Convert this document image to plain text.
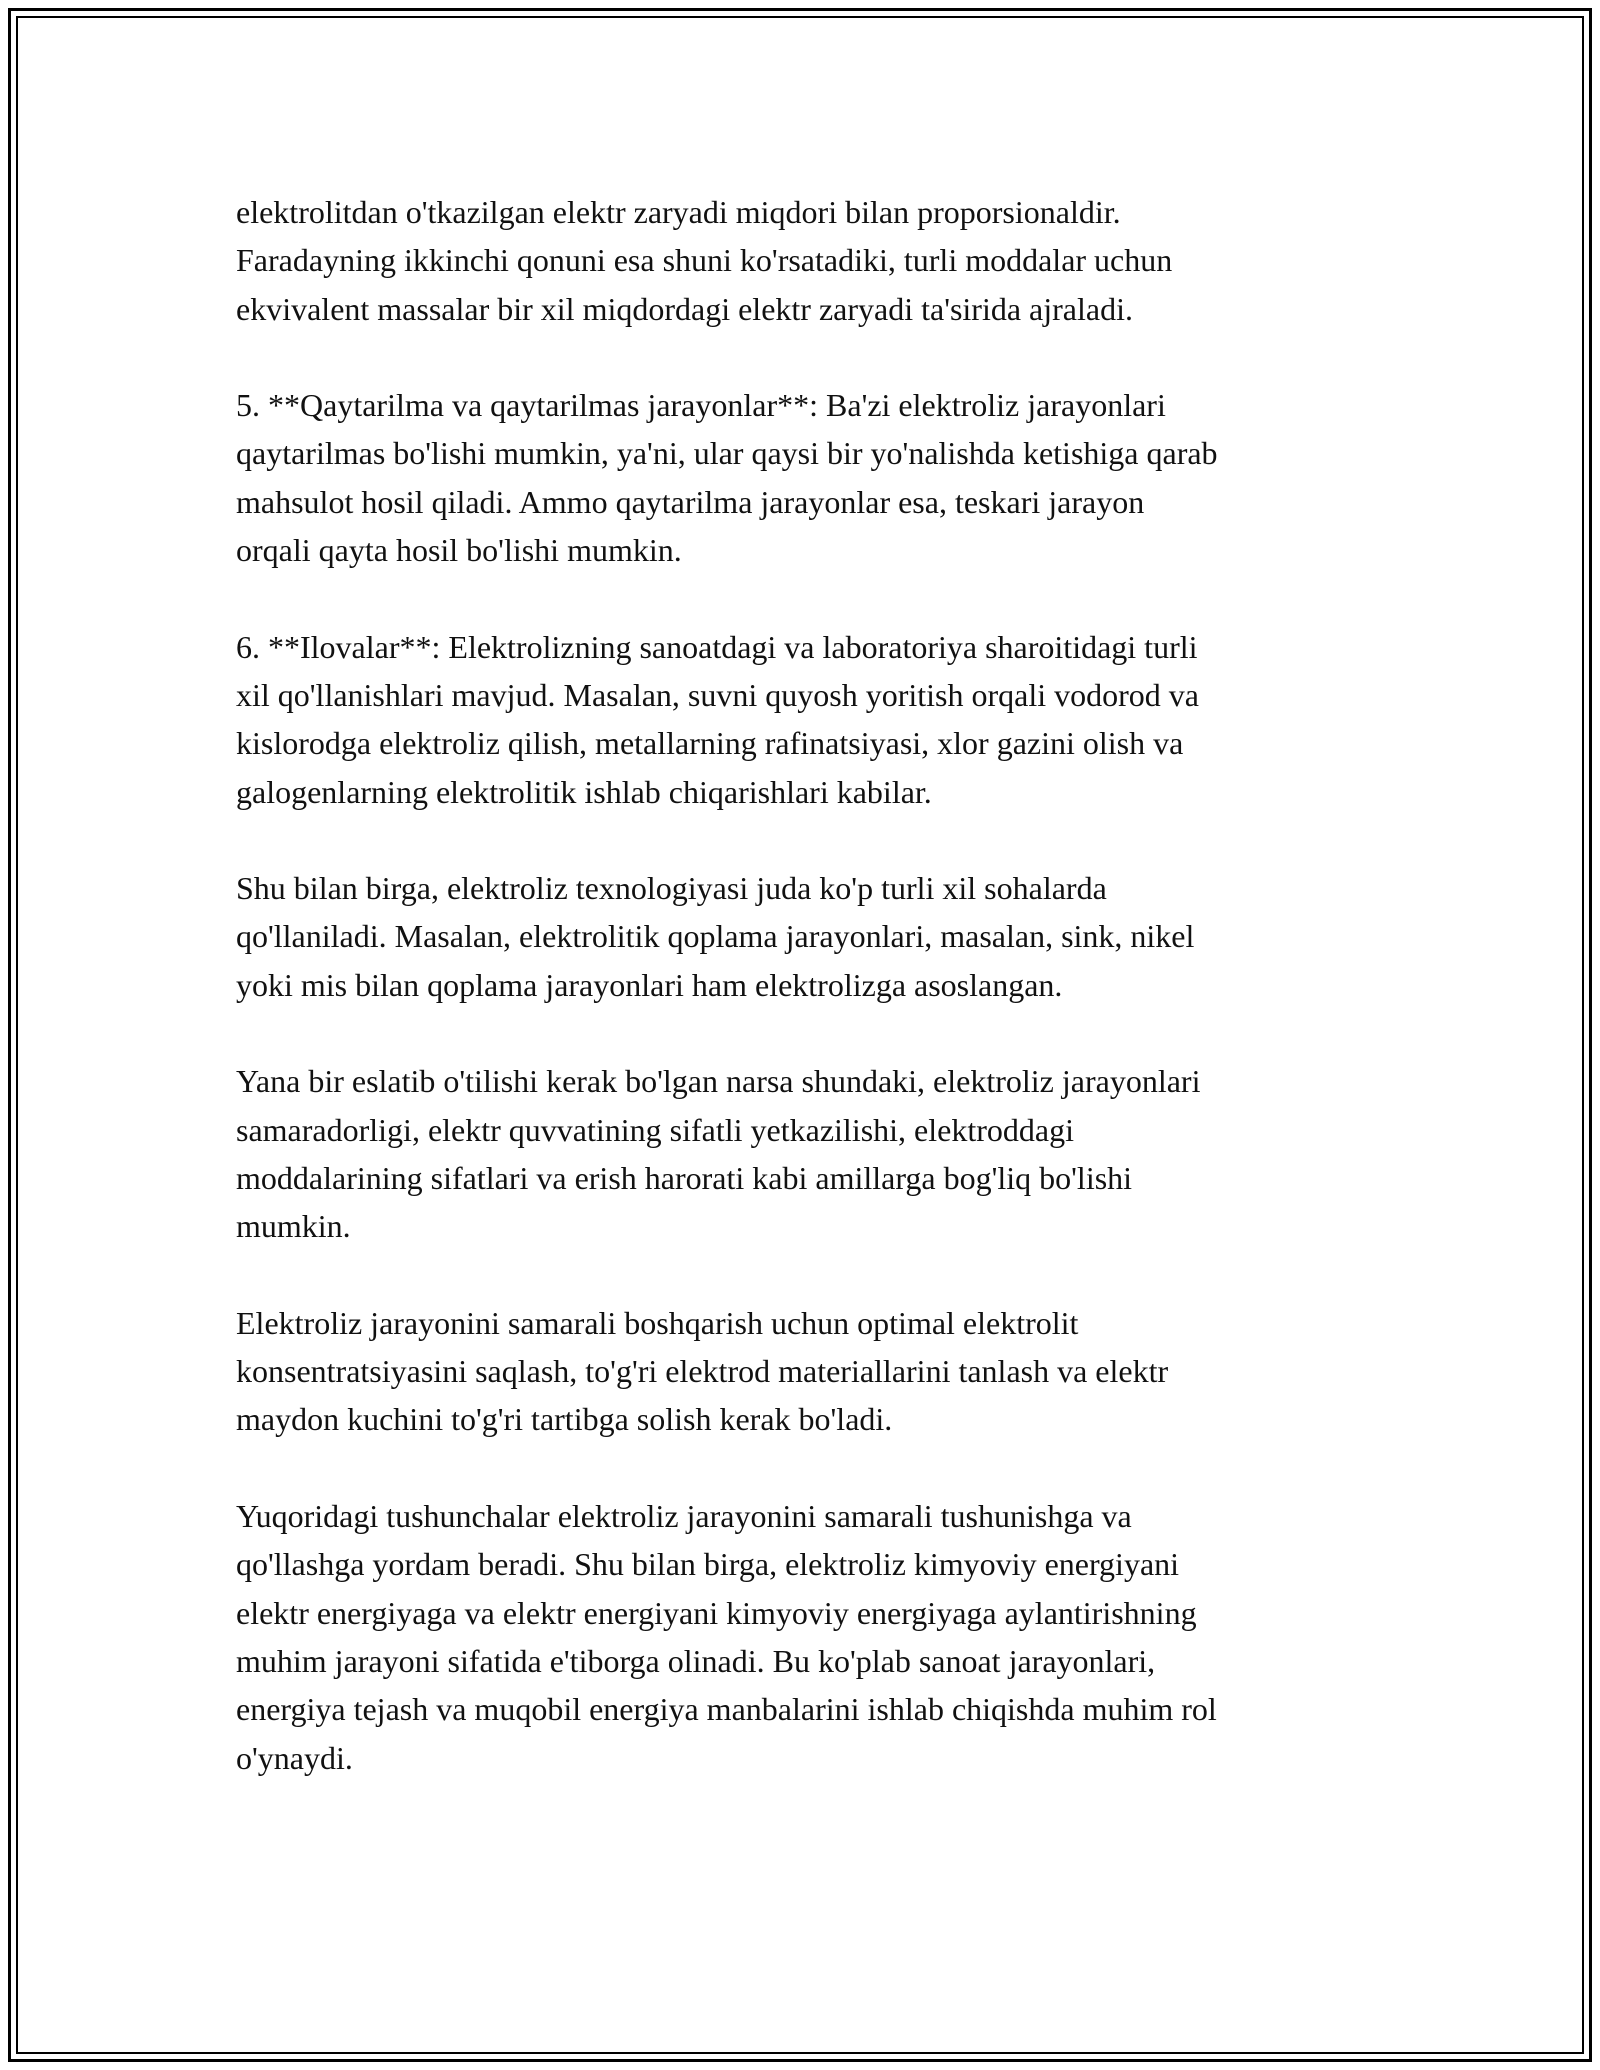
elektrolitdan o'tkazilgan elektr zaryadi miqdori bilan proporsionaldir.
Faradayning ikkinchi qonuni esa shuni ko'rsatadiki, turli moddalar uchun
ekvivalent massalar bir xil miqdordagi elektr zaryadi ta'sirida ajraladi.

5. **Qaytarilma va qaytarilmas jarayonlar**: Ba'zi elektroliz jarayonlari
qaytarilmas bo'lishi mumkin, ya'ni, ular qaysi bir yo'nalishda ketishiga qarab
mahsulot hosil qiladi. Ammo qaytarilma jarayonlar esa, teskari jarayon
orqali qayta hosil bo'lishi mumkin.

6. **Ilovalar**: Elektrolizning sanoatdagi va laboratoriya sharoitidagi turli
xil qo'llanishlari mavjud. Masalan, suvni quyosh yoritish orqali vodorod va
kislorodga elektroliz qilish, metallarning rafinatsiyasi, xlor gazini olish va
galogenlarning elektrolitik ishlab chiqarishlari kabilar.

Shu bilan birga, elektroliz texnologiyasi juda ko'p turli xil sohalarda
qo'llaniladi. Masalan, elektrolitik qoplama jarayonlari, masalan, sink, nikel
yoki mis bilan qoplama jarayonlari ham elektrolizga asoslangan.

Yana bir eslatib o'tilishi kerak bo'lgan narsa shundaki, elektroliz jarayonlari
samaradorligi, elektr quvvatining sifatli yetkazilishi, elektroddagi
moddalarining sifatlari va erish harorati kabi amillarga bog'liq bo'lishi
mumkin.

Elektroliz jarayonini samarali boshqarish uchun optimal elektrolit
konsentratsiyasini saqlash, to'g'ri elektrod materiallarini tanlash va elektr
maydon kuchini to'g'ri tartibga solish kerak bo'ladi.

Yuqoridagi tushunchalar elektroliz jarayonini samarali tushunishga va
qo'llashga yordam beradi. Shu bilan birga, elektroliz kimyoviy energiyani
elektr energiyaga va elektr energiyani kimyoviy energiyaga aylantirishning
muhim jarayoni sifatida e'tiborga olinadi. Bu ko'plab sanoat jarayonlari,
energiya tejash va muqobil energiya manbalarini ishlab chiqishda muhim rol
o'ynaydi.
